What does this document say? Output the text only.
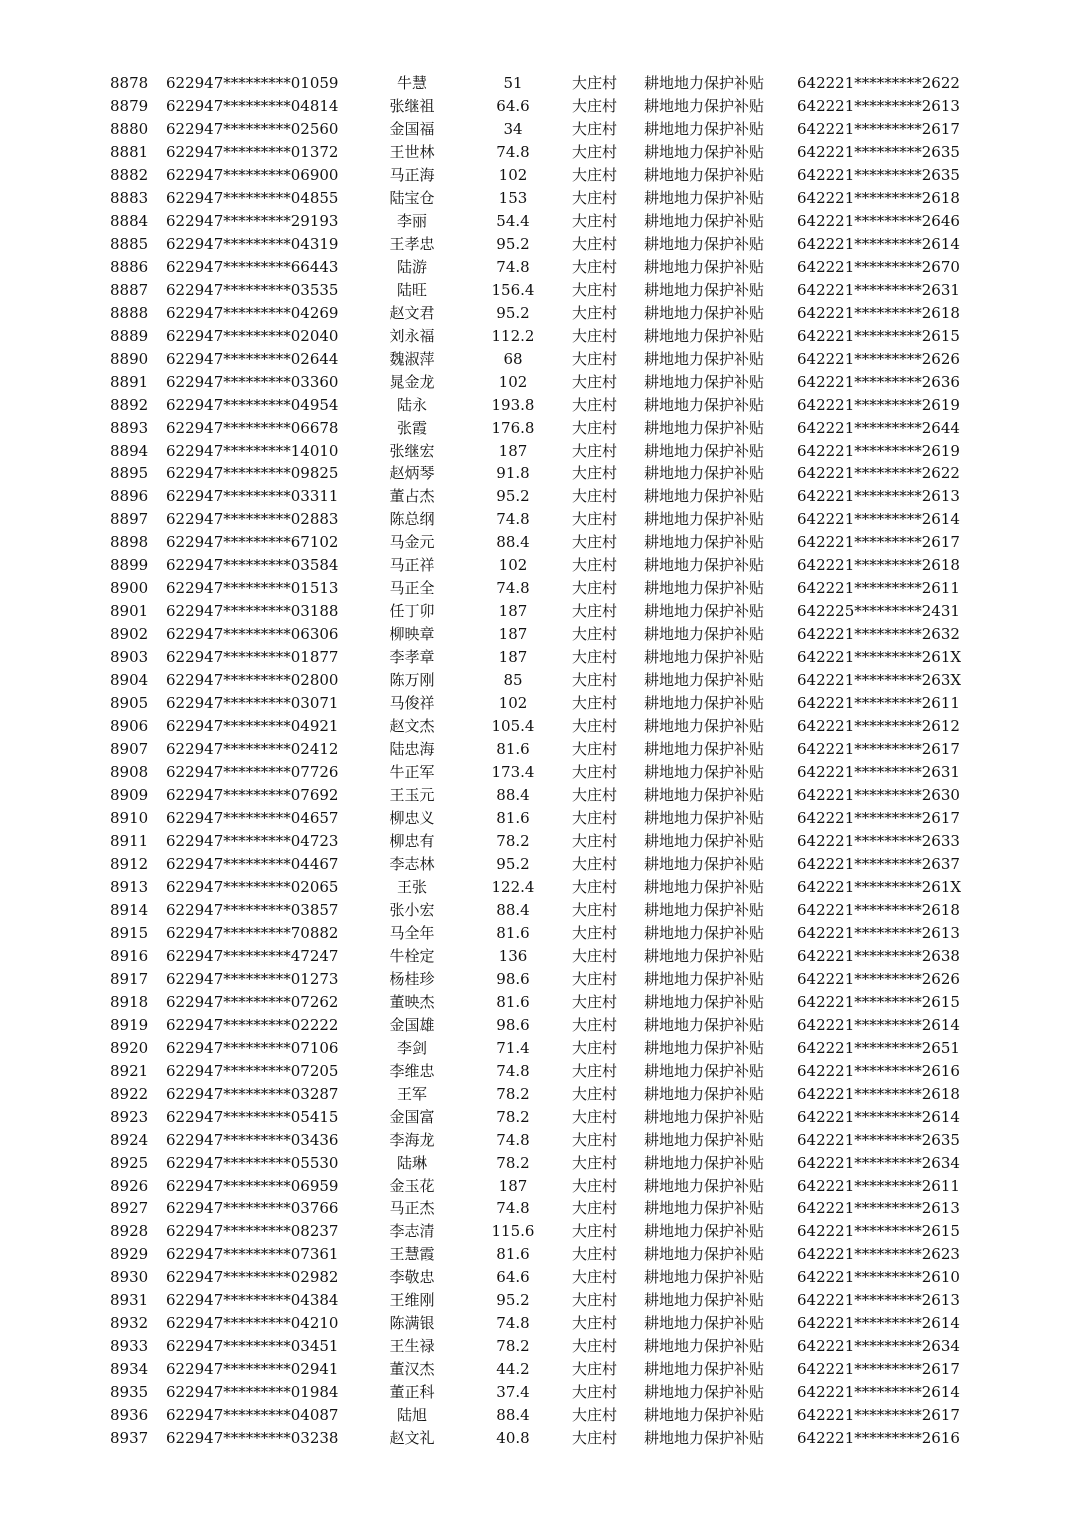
8878 622947*********01059	牛慧	51	大庄村 耕地地力保护补贴 642221*********2622
8879 622947*********04814	张继祖	64.6	大庄村 耕地地力保护补贴 642221*********2613
8880 622947*********02560	金国福	34	大庄村 耕地地力保护补贴 642221*********2617
8881 622947*********01372	王世林	74.8	大庄村 耕地地力保护补贴 642221*********2635
8882 622947*********06900	马正海	102	大庄村 耕地地力保护补贴 642221*********2635
8883 622947*********04855	陆宝仓	153	大庄村 耕地地力保护补贴 642221*********2618
8884 622947*********29193	李丽	54.4	大庄村 耕地地力保护补贴 642221*********2646
8885 622947*********04319	王孝忠	95.2	大庄村 耕地地力保护补贴 642221*********2614
8886 622947*********66443	陆游	74.8	大庄村 耕地地力保护补贴 642221*********2670
8887 622947*********03535	陆旺	156.4	大庄村 耕地地力保护补贴 642221*********2631
8888 622947*********04269	赵文君	95.2	大庄村 耕地地力保护补贴 642221*********2618
8889 622947*********02040	刘永福	112.2	大庄村 耕地地力保护补贴 642221*********2615
8890 622947*********02644	魏淑萍	68	大庄村 耕地地力保护补贴 642221*********2626
8891 622947*********03360	晁金龙	102	大庄村 耕地地力保护补贴 642221*********2636
8892 622947*********04954	陆永	193.8	大庄村 耕地地力保护补贴 642221*********2619
8893 622947*********06678	张霞	176.8	大庄村 耕地地力保护补贴 642221*********2644
8894 622947*********14010	张继宏	187	大庄村 耕地地力保护补贴 642221*********2619
8895 622947*********09825	赵炳琴	91.8	大庄村 耕地地力保护补贴 642221*********2622
8896 622947*********03311	董占杰	95.2	大庄村 耕地地力保护补贴 642221*********2613
8897 622947*********02883	陈总纲	74.8	大庄村 耕地地力保护补贴 642221*********2614
8898 622947*********67102	马金元	88.4	大庄村 耕地地力保护补贴 642221*********2617
8899 622947*********03584	马正祥	102	大庄村 耕地地力保护补贴 642221*********2618
8900 622947*********01513	马正全	74.8	大庄村 耕地地力保护补贴 642221*********2611
8901 622947*********03188	任丁卯	187	大庄村 耕地地力保护补贴 642225*********2431
8902 622947*********06306	柳映章	187	大庄村 耕地地力保护补贴 642221*********2632
8903 622947*********01877	李孝章	187	大庄村 耕地地力保护补贴 642221*********261X
8904 622947*********02800	陈万刚	85	大庄村 耕地地力保护补贴 642221*********263X
8905 622947*********03071	马俊祥	102	大庄村 耕地地力保护补贴 642221*********2611
8906 622947*********04921	赵文杰	105.4	大庄村 耕地地力保护补贴 642221*********2612
8907 622947*********02412	陆忠海	81.6	大庄村 耕地地力保护补贴 642221*********2617
8908 622947*********07726	牛正军	173.4	大庄村 耕地地力保护补贴 642221*********2631
8909 622947*********07692	王玉元	88.4	大庄村 耕地地力保护补贴 642221*********2630
8910 622947*********04657	柳忠义	81.6	大庄村 耕地地力保护补贴 642221*********2617
8911 622947*********04723	柳忠有	78.2	大庄村 耕地地力保护补贴 642221*********2633
8912 622947*********04467	李志林	95.2	大庄村 耕地地力保护补贴 642221*********2637
8913 622947*********02065	王张	122.4	大庄村 耕地地力保护补贴 642221*********261X
8914 622947*********03857	张小宏	88.4	大庄村 耕地地力保护补贴 642221*********2618
8915 622947*********70882	马全年	81.6	大庄村 耕地地力保护补贴 642221*********2613
8916 622947*********47247	牛栓定	136	大庄村 耕地地力保护补贴 642221*********2638
8917 622947*********01273	杨桂珍	98.6	大庄村 耕地地力保护补贴 642221*********2626
8918 622947*********07262	董映杰	81.6	大庄村 耕地地力保护补贴 642221*********2615
8919 622947*********02222	金国雄	98.6	大庄村 耕地地力保护补贴 642221*********2614
8920 622947*********07106	李剑	71.4	大庄村 耕地地力保护补贴 642221*********2651
8921 622947*********07205	李维忠	74.8	大庄村 耕地地力保护补贴 642221*********2616
8922 622947*********03287	王军	78.2	大庄村 耕地地力保护补贴 642221*********2618
8923 622947*********05415	金国富	78.2	大庄村 耕地地力保护补贴 642221*********2614
8924 622947*********03436	李海龙	74.8	大庄村 耕地地力保护补贴 642221*********2635
8925 622947*********05530	陆琳	78.2	大庄村 耕地地力保护补贴 642221*********2634
8926 622947*********06959	金玉花	187	大庄村 耕地地力保护补贴 642221*********2611
8927 622947*********03766	马正杰	74.8	大庄村 耕地地力保护补贴 642221*********2613
8928 622947*********08237	李志清	115.6	大庄村 耕地地力保护补贴 642221*********2615
8929 622947*********07361	王慧霞	81.6	大庄村 耕地地力保护补贴 642221*********2623
8930 622947*********02982	李敬忠	64.6	大庄村 耕地地力保护补贴 642221*********2610
8931 622947*********04384	王维刚	95.2	大庄村 耕地地力保护补贴 642221*********2613
8932 622947*********04210	陈满银	74.8	大庄村 耕地地力保护补贴 642221*********2614
8933 622947*********03451	王生禄	78.2	大庄村 耕地地力保护补贴 642221*********2634
8934 622947*********02941	董汉杰	44.2	大庄村 耕地地力保护补贴 642221*********2617
8935 622947*********01984	董正科	37.4	大庄村 耕地地力保护补贴 642221*********2614
8936 622947*********04087	陆旭	88.4	大庄村 耕地地力保护补贴 642221*********2617
8937 622947*********03238	赵文礼	40.8	大庄村 耕地地力保护补贴 642221*********2616
